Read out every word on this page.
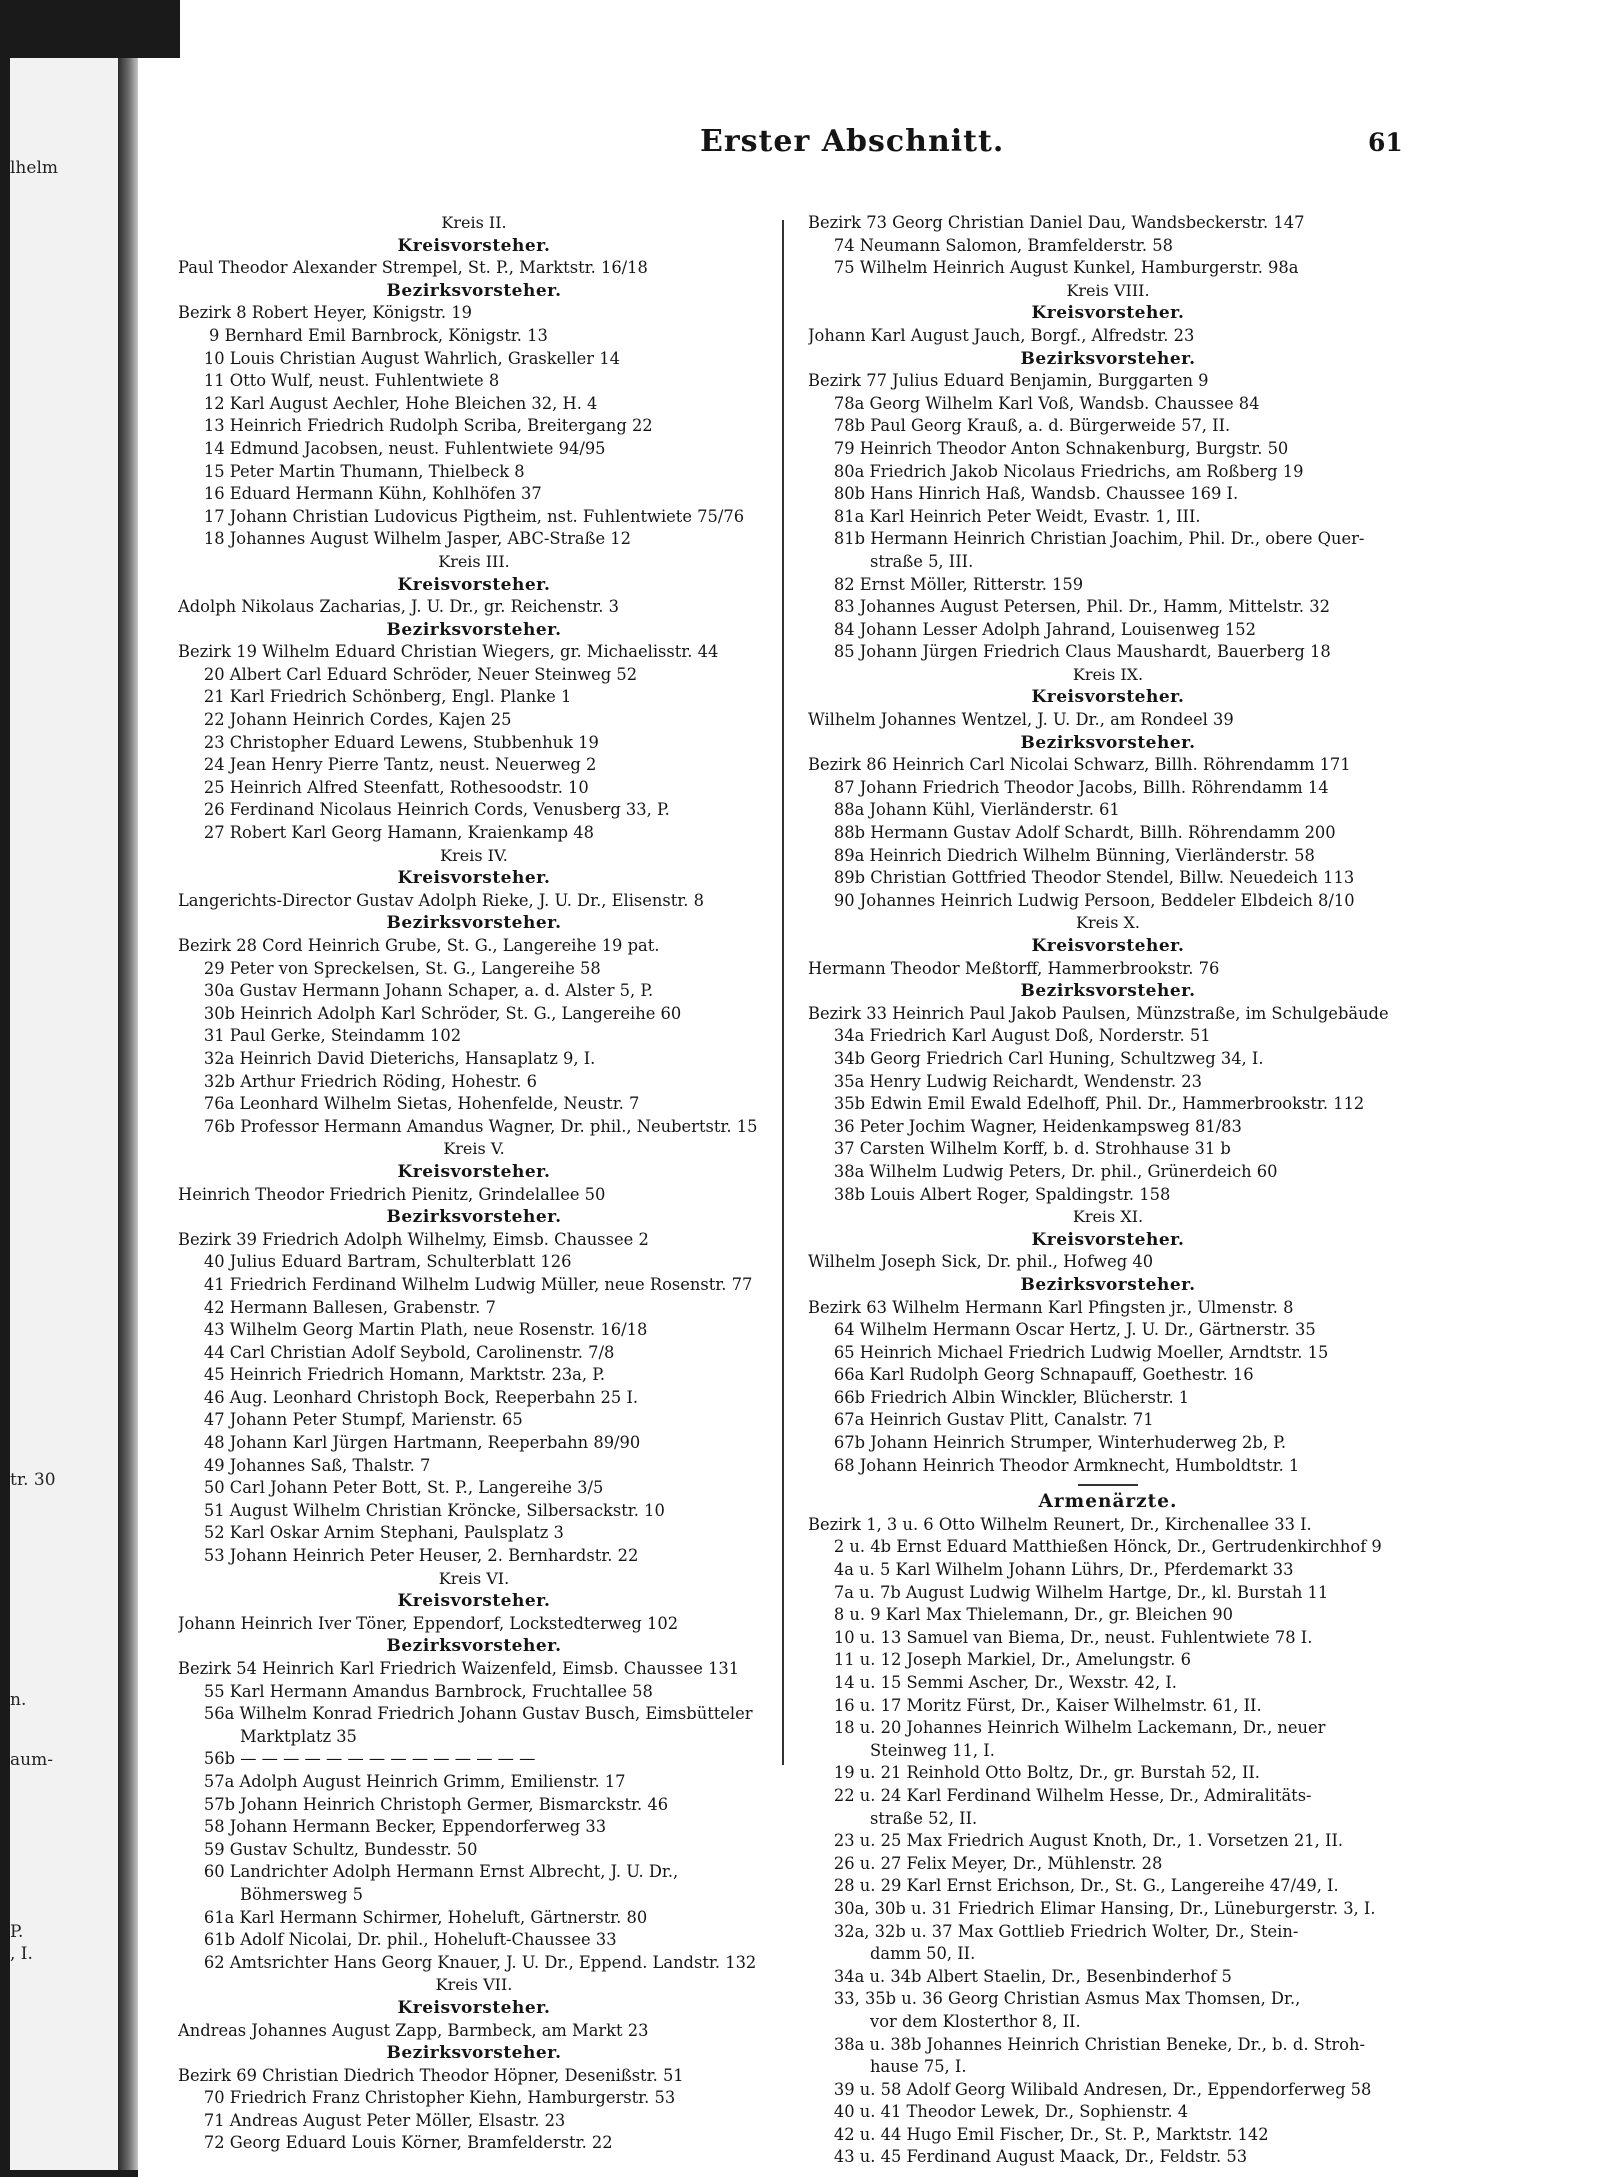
lhelm
tr. 30
n.
aum-
P.
, I.
Erster Abschnitt.	61
Kreis II.
Kreisvorsteher.
Paul Theodor Alexander Strempel, St. P., Marktstr. 16/18
Bezirksvorsteher.
Bezirk 8 Robert Heyer, Königstr. 19
9 Bernhard Emil Barnbrock, Königstr. 13
10 Louis Christian August Wahrlich, Graskeller 14
11 Otto Wulf, neust. Fuhlentwiete 8
12 Karl August Aechler, Hohe Bleichen 32, H. 4
13 Heinrich Friedrich Rudolph Scriba, Breitergang 22
14 Edmund Jacobsen, neust. Fuhlentwiete 94/95
15 Peter Martin Thumann, Thielbeck 8
16 Eduard Hermann Kühn, Kohlhöfen 37
17 Johann Christian Ludovicus Pigtheim, nst. Fuhlentwiete 75/76
18 Johannes August Wilhelm Jasper, ABC-Straße 12
Kreis III.
Kreisvorsteher.
Adolph Nikolaus Zacharias, J. U. Dr., gr. Reichenstr. 3
Bezirksvorsteher.
Bezirk 19 Wilhelm Eduard Christian Wiegers, gr. Michaelisstr. 44
20 Albert Carl Eduard Schröder, Neuer Steinweg 52
21 Karl Friedrich Schönberg, Engl. Planke 1
22 Johann Heinrich Cordes, Kajen 25
23 Christopher Eduard Lewens, Stubbenhuk 19
24 Jean Henry Pierre Tantz, neust. Neuerweg 2
25 Heinrich Alfred Steenfatt, Rothesoodstr. 10
26 Ferdinand Nicolaus Heinrich Cords, Venusberg 33, P.
27 Robert Karl Georg Hamann, Kraienkamp 48
Kreis IV.
Kreisvorsteher.
Langerichts-Director Gustav Adolph Rieke, J. U. Dr., Elisenstr. 8
Bezirksvorsteher.
Bezirk 28 Cord Heinrich Grube, St. G., Langereihe 19 pat.
29 Peter von Spreckelsen, St. G., Langereihe 58
30a Gustav Hermann Johann Schaper, a. d. Alster 5, P.
30b Heinrich Adolph Karl Schröder, St. G., Langereihe 60
31 Paul Gerke, Steindamm 102
32a Heinrich David Dieterichs, Hansaplatz 9, I.
32b Arthur Friedrich Röding, Hohestr. 6
76a Leonhard Wilhelm Sietas, Hohenfelde, Neustr. 7
76b Professor Hermann Amandus Wagner, Dr. phil., Neubertstr. 15
Kreis V.
Kreisvorsteher.
Heinrich Theodor Friedrich Pienitz, Grindelallee 50
Bezirksvorsteher.
Bezirk 39 Friedrich Adolph Wilhelmy, Eimsb. Chaussee 2
40 Julius Eduard Bartram, Schulterblatt 126
41 Friedrich Ferdinand Wilhelm Ludwig Müller, neue Rosenstr. 77
42 Hermann Ballesen, Grabenstr. 7
43 Wilhelm Georg Martin Plath, neue Rosenstr. 16/18
44 Carl Christian Adolf Seybold, Carolinenstr. 7/8
45 Heinrich Friedrich Homann, Marktstr. 23a, P.
46 Aug. Leonhard Christoph Bock, Reeperbahn 25 I.
47 Johann Peter Stumpf, Marienstr. 65
48 Johann Karl Jürgen Hartmann, Reeperbahn 89/90
49 Johannes Saß, Thalstr. 7
50 Carl Johann Peter Bott, St. P., Langereihe 3/5
51 August Wilhelm Christian Kröncke, Silbersackstr. 10
52 Karl Oskar Arnim Stephani, Paulsplatz 3
53 Johann Heinrich Peter Heuser, 2. Bernhardstr. 22
Kreis VI.
Kreisvorsteher.
Johann Heinrich Iver Töner, Eppendorf, Lockstedterweg 102
Bezirksvorsteher.
Bezirk 54 Heinrich Karl Friedrich Waizenfeld, Eimsb. Chaussee 131
55 Karl Hermann Amandus Barnbrock, Fruchtallee 58
56a Wilhelm Konrad Friedrich Johann Gustav Busch, Eimsbütteler
Marktplatz 35
56b — — — — — — — — — — — — — —
57a Adolph August Heinrich Grimm, Emilienstr. 17
57b Johann Heinrich Christoph Germer, Bismarckstr. 46
58 Johann Hermann Becker, Eppendorferweg 33
59 Gustav Schultz, Bundesstr. 50
60 Landrichter Adolph Hermann Ernst Albrecht, J. U. Dr.,
Böhmersweg 5
61a Karl Hermann Schirmer, Hoheluft, Gärtnerstr. 80
61b Adolf Nicolai, Dr. phil., Hoheluft-Chaussee 33
62 Amtsrichter Hans Georg Knauer, J. U. Dr., Eppend. Landstr. 132
Kreis VII.
Kreisvorsteher.
Andreas Johannes August Zapp, Barmbeck, am Markt 23
Bezirksvorsteher.
Bezirk 69 Christian Diedrich Theodor Höpner, Desenißstr. 51
70 Friedrich Franz Christopher Kiehn, Hamburgerstr. 53
71 Andreas August Peter Möller, Elsastr. 23
72 Georg Eduard Louis Körner, Bramfelderstr. 22
Bezirk 73 Georg Christian Daniel Dau, Wandsbeckerstr. 147
74 Neumann Salomon, Bramfelderstr. 58
75 Wilhelm Heinrich August Kunkel, Hamburgerstr. 98a
Kreis VIII.
Kreisvorsteher.
Johann Karl August Jauch, Borgf., Alfredstr. 23
Bezirksvorsteher.
Bezirk 77 Julius Eduard Benjamin, Burggarten 9
78a Georg Wilhelm Karl Voß, Wandsb. Chaussee 84
78b Paul Georg Krauß, a. d. Bürgerweide 57, II.
79 Heinrich Theodor Anton Schnakenburg, Burgstr. 50
80a Friedrich Jakob Nicolaus Friedrichs, am Roßberg 19
80b Hans Hinrich Haß, Wandsb. Chaussee 169 I.
81a Karl Heinrich Peter Weidt, Evastr. 1, III.
81b Hermann Heinrich Christian Joachim, Phil. Dr., obere Quer-
straße 5, III.
82 Ernst Möller, Ritterstr. 159
83 Johannes August Petersen, Phil. Dr., Hamm, Mittelstr. 32
84 Johann Lesser Adolph Jahrand, Louisenweg 152
85 Johann Jürgen Friedrich Claus Maushardt, Bauerberg 18
Kreis IX.
Kreisvorsteher.
Wilhelm Johannes Wentzel, J. U. Dr., am Rondeel 39
Bezirksvorsteher.
Bezirk 86 Heinrich Carl Nicolai Schwarz, Billh. Röhrendamm 171
87 Johann Friedrich Theodor Jacobs, Billh. Röhrendamm 14
88a Johann Kühl, Vierländerstr. 61
88b Hermann Gustav Adolf Schardt, Billh. Röhrendamm 200
89a Heinrich Diedrich Wilhelm Bünning, Vierländerstr. 58
89b Christian Gottfried Theodor Stendel, Billw. Neuedeich 113
90 Johannes Heinrich Ludwig Persoon, Beddeler Elbdeich 8/10
Kreis X.
Kreisvorsteher.
Hermann Theodor Meßtorff, Hammerbrookstr. 76
Bezirksvorsteher.
Bezirk 33 Heinrich Paul Jakob Paulsen, Münzstraße, im Schulgebäude
34a Friedrich Karl August Doß, Norderstr. 51
34b Georg Friedrich Carl Huning, Schultzweg 34, I.
35a Henry Ludwig Reichardt, Wendenstr. 23
35b Edwin Emil Ewald Edelhoff, Phil. Dr., Hammerbrookstr. 112
36 Peter Jochim Wagner, Heidenkampsweg 81/83
37 Carsten Wilhelm Korff, b. d. Strohhause 31 b
38a Wilhelm Ludwig Peters, Dr. phil., Grünerdeich 60
38b Louis Albert Roger, Spaldingstr. 158
Kreis XI.
Kreisvorsteher.
Wilhelm Joseph Sick, Dr. phil., Hofweg 40
Bezirksvorsteher.
Bezirk 63 Wilhelm Hermann Karl Pfingsten jr., Ulmenstr. 8
64 Wilhelm Hermann Oscar Hertz, J. U. Dr., Gärtnerstr. 35
65 Heinrich Michael Friedrich Ludwig Moeller, Arndtstr. 15
66a Karl Rudolph Georg Schnapauff, Goethestr. 16
66b Friedrich Albin Winckler, Blücherstr. 1
67a Heinrich Gustav Plitt, Canalstr. 71
67b Johann Heinrich Strumper, Winterhuderweg 2b, P.
68 Johann Heinrich Theodor Armknecht, Humboldtstr. 1
Armenärzte.
Bezirk 1, 3 u. 6 Otto Wilhelm Reunert, Dr., Kirchenallee 33 I.
2 u. 4b Ernst Eduard Matthießen Hönck, Dr., Gertrudenkirchhof 9
4a u. 5 Karl Wilhelm Johann Lührs, Dr., Pferdemarkt 33
7a u. 7b August Ludwig Wilhelm Hartge, Dr., kl. Burstah 11
8 u. 9 Karl Max Thielemann, Dr., gr. Bleichen 90
10 u. 13 Samuel van Biema, Dr., neust. Fuhlentwiete 78 I.
11 u. 12 Joseph Markiel, Dr., Amelungstr. 6
14 u. 15 Semmi Ascher, Dr., Wexstr. 42, I.
16 u. 17 Moritz Fürst, Dr., Kaiser Wilhelmstr. 61, II.
18 u. 20 Johannes Heinrich Wilhelm Lackemann, Dr., neuer
Steinweg 11, I.
19 u. 21 Reinhold Otto Boltz, Dr., gr. Burstah 52, II.
22 u. 24 Karl Ferdinand Wilhelm Hesse, Dr., Admiralitäts-
straße 52, II.
23 u. 25 Max Friedrich August Knoth, Dr., 1. Vorsetzen 21, II.
26 u. 27 Felix Meyer, Dr., Mühlenstr. 28
28 u. 29 Karl Ernst Erichson, Dr., St. G., Langereihe 47/49, I.
30a, 30b u. 31 Friedrich Elimar Hansing, Dr., Lüneburgerstr. 3, I.
32a, 32b u. 37 Max Gottlieb Friedrich Wolter, Dr., Stein-
damm 50, II.
34a u. 34b Albert Staelin, Dr., Besenbinderhof 5
33, 35b u. 36 Georg Christian Asmus Max Thomsen, Dr.,
vor dem Klosterthor 8, II.
38a u. 38b Johannes Heinrich Christian Beneke, Dr., b. d. Stroh-
hause 75, I.
39 u. 58 Adolf Georg Wilibald Andresen, Dr., Eppendorferweg 58
40 u. 41 Theodor Lewek, Dr., Sophienstr. 4
42 u. 44 Hugo Emil Fischer, Dr., St. P., Marktstr. 142
43 u. 45 Ferdinand August Maack, Dr., Feldstr. 53
